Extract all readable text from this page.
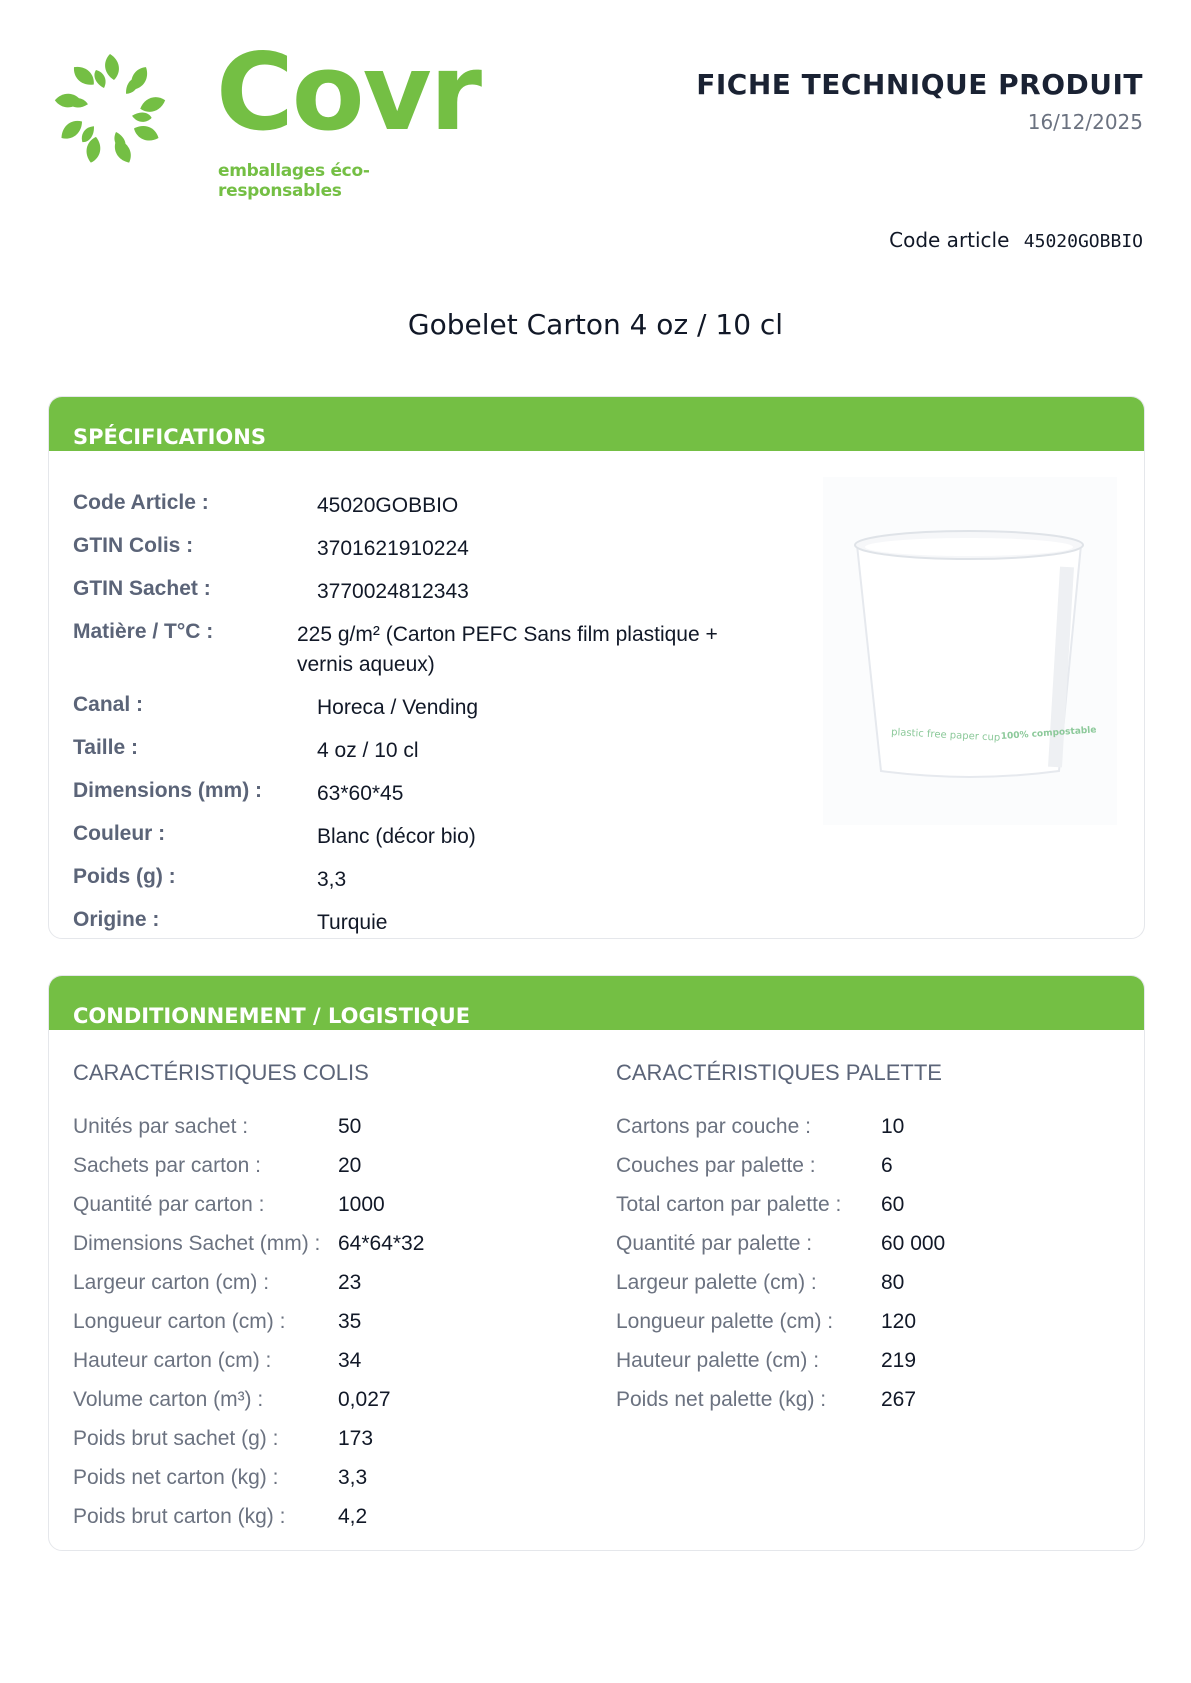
Covr
emballages éco-responsables
FICHE TECHNIQUE PRODUIT
16/12/2025
Code article 45020GOBBIO
Gobelet Carton 4 oz / 10 cl
SPÉCIFICATIONS
Code Article :	45020GOBBIO
GTIN Colis :	3701621910224
GTIN Sachet :	3770024812343
Matière / T°C :	225 g/m² (Carton PEFC Sans film plastique + vernis aqueux)
Canal :	Horeca / Vending
Taille :	4 oz / 10 cl
Dimensions (mm) :	63*60*45
Couleur :	Blanc (décor bio)
Poids (g) :	3,3
Origine :	Turquie
plastic free paper cup 100% compostable
CONDITIONNEMENT / LOGISTIQUE
CARACTÉRISTIQUES COLIS	CARACTÉRISTIQUES PALETTE
Unités par sachet :	50
Sachets par carton :	20
Quantité par carton :	1000
Dimensions Sachet (mm) : 64*64*32
Largeur carton (cm) :	23
Longueur carton (cm) :	35
Hauteur carton (cm) :	34
Volume carton (m³) :	0,027
Poids brut sachet (g) :	173
Poids net carton (kg) :	3,3
Poids brut carton (kg) :	4,2
Cartons par couche :	10
Couches par palette :	6
Total carton par palette : 60
Quantité par palette :	60 000
Largeur palette (cm) :	80
Longueur palette (cm) : 120
Hauteur palette (cm) :	219
Poids net palette (kg) :	267
